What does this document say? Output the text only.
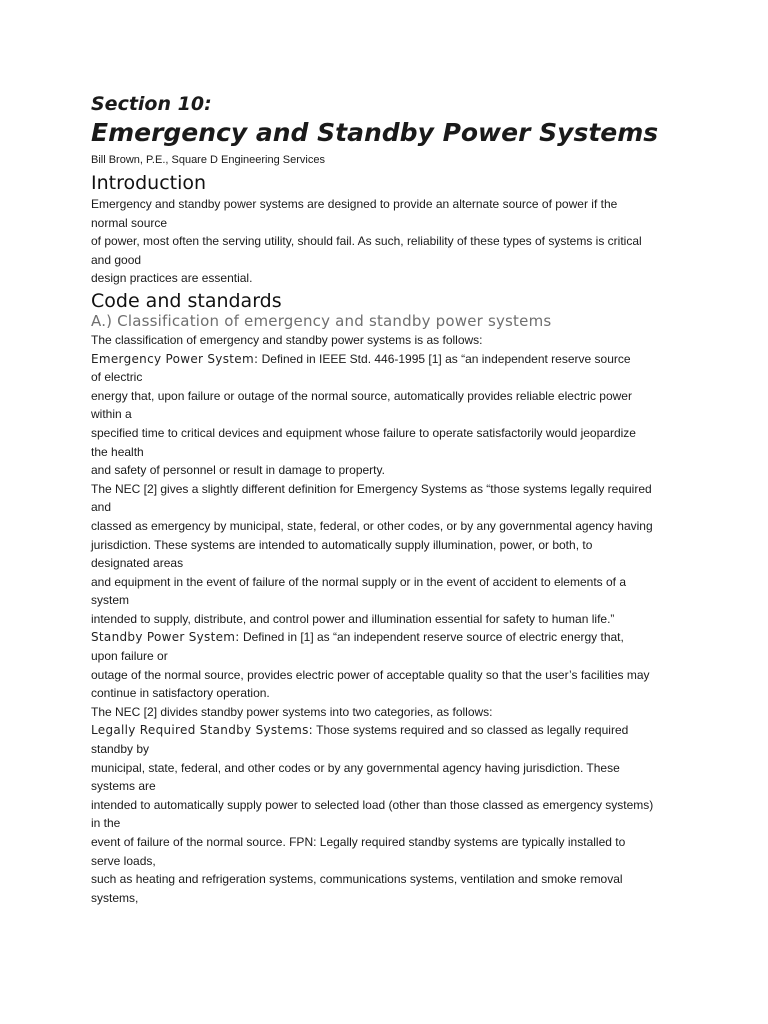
Section 10:
Emergency and Standby Power Systems
Bill Brown, P.E., Square D Engineering Services
Introduction
Emergency and standby power systems are designed to provide an alternate source of power if the
normal source
of power, most often the serving utility, should fail. As such, reliability of these types of systems is critical
and good
design practices are essential.
Code and standards
A.) Classification of emergency and standby power systems
The classification of emergency and standby power systems is as follows:
Emergency Power System: Defined in IEEE Std. 446-1995 [1] as “an independent reserve source
of electric
energy that, upon failure or outage of the normal source, automatically provides reliable electric power
within a
specified time to critical devices and equipment whose failure to operate satisfactorily would jeopardize
the health
and safety of personnel or result in damage to property.
The NEC [2] gives a slightly different definition for Emergency Systems as “those systems legally required
and
classed as emergency by municipal, state, federal, or other codes, or by any governmental agency having
jurisdiction. These systems are intended to automatically supply illumination, power, or both, to
designated areas
and equipment in the event of failure of the normal supply or in the event of accident to elements of a
system
intended to supply, distribute, and control power and illumination essential for safety to human life.”
Standby Power System: Defined in [1] as “an independent reserve source of electric energy that,
upon failure or
outage of the normal source, provides electric power of acceptable quality so that the user’s facilities may
continue in satisfactory operation.
The NEC [2] divides standby power systems into two categories, as follows:
Legally Required Standby Systems: Those systems required and so classed as legally required
standby by
municipal, state, federal, and other codes or by any governmental agency having jurisdiction. These
systems are
intended to automatically supply power to selected load (other than those classed as emergency systems)
in the
event of failure of the normal source. FPN: Legally required standby systems are typically installed to
serve loads,
such as heating and refrigeration systems, communications systems, ventilation and smoke removal
systems,
